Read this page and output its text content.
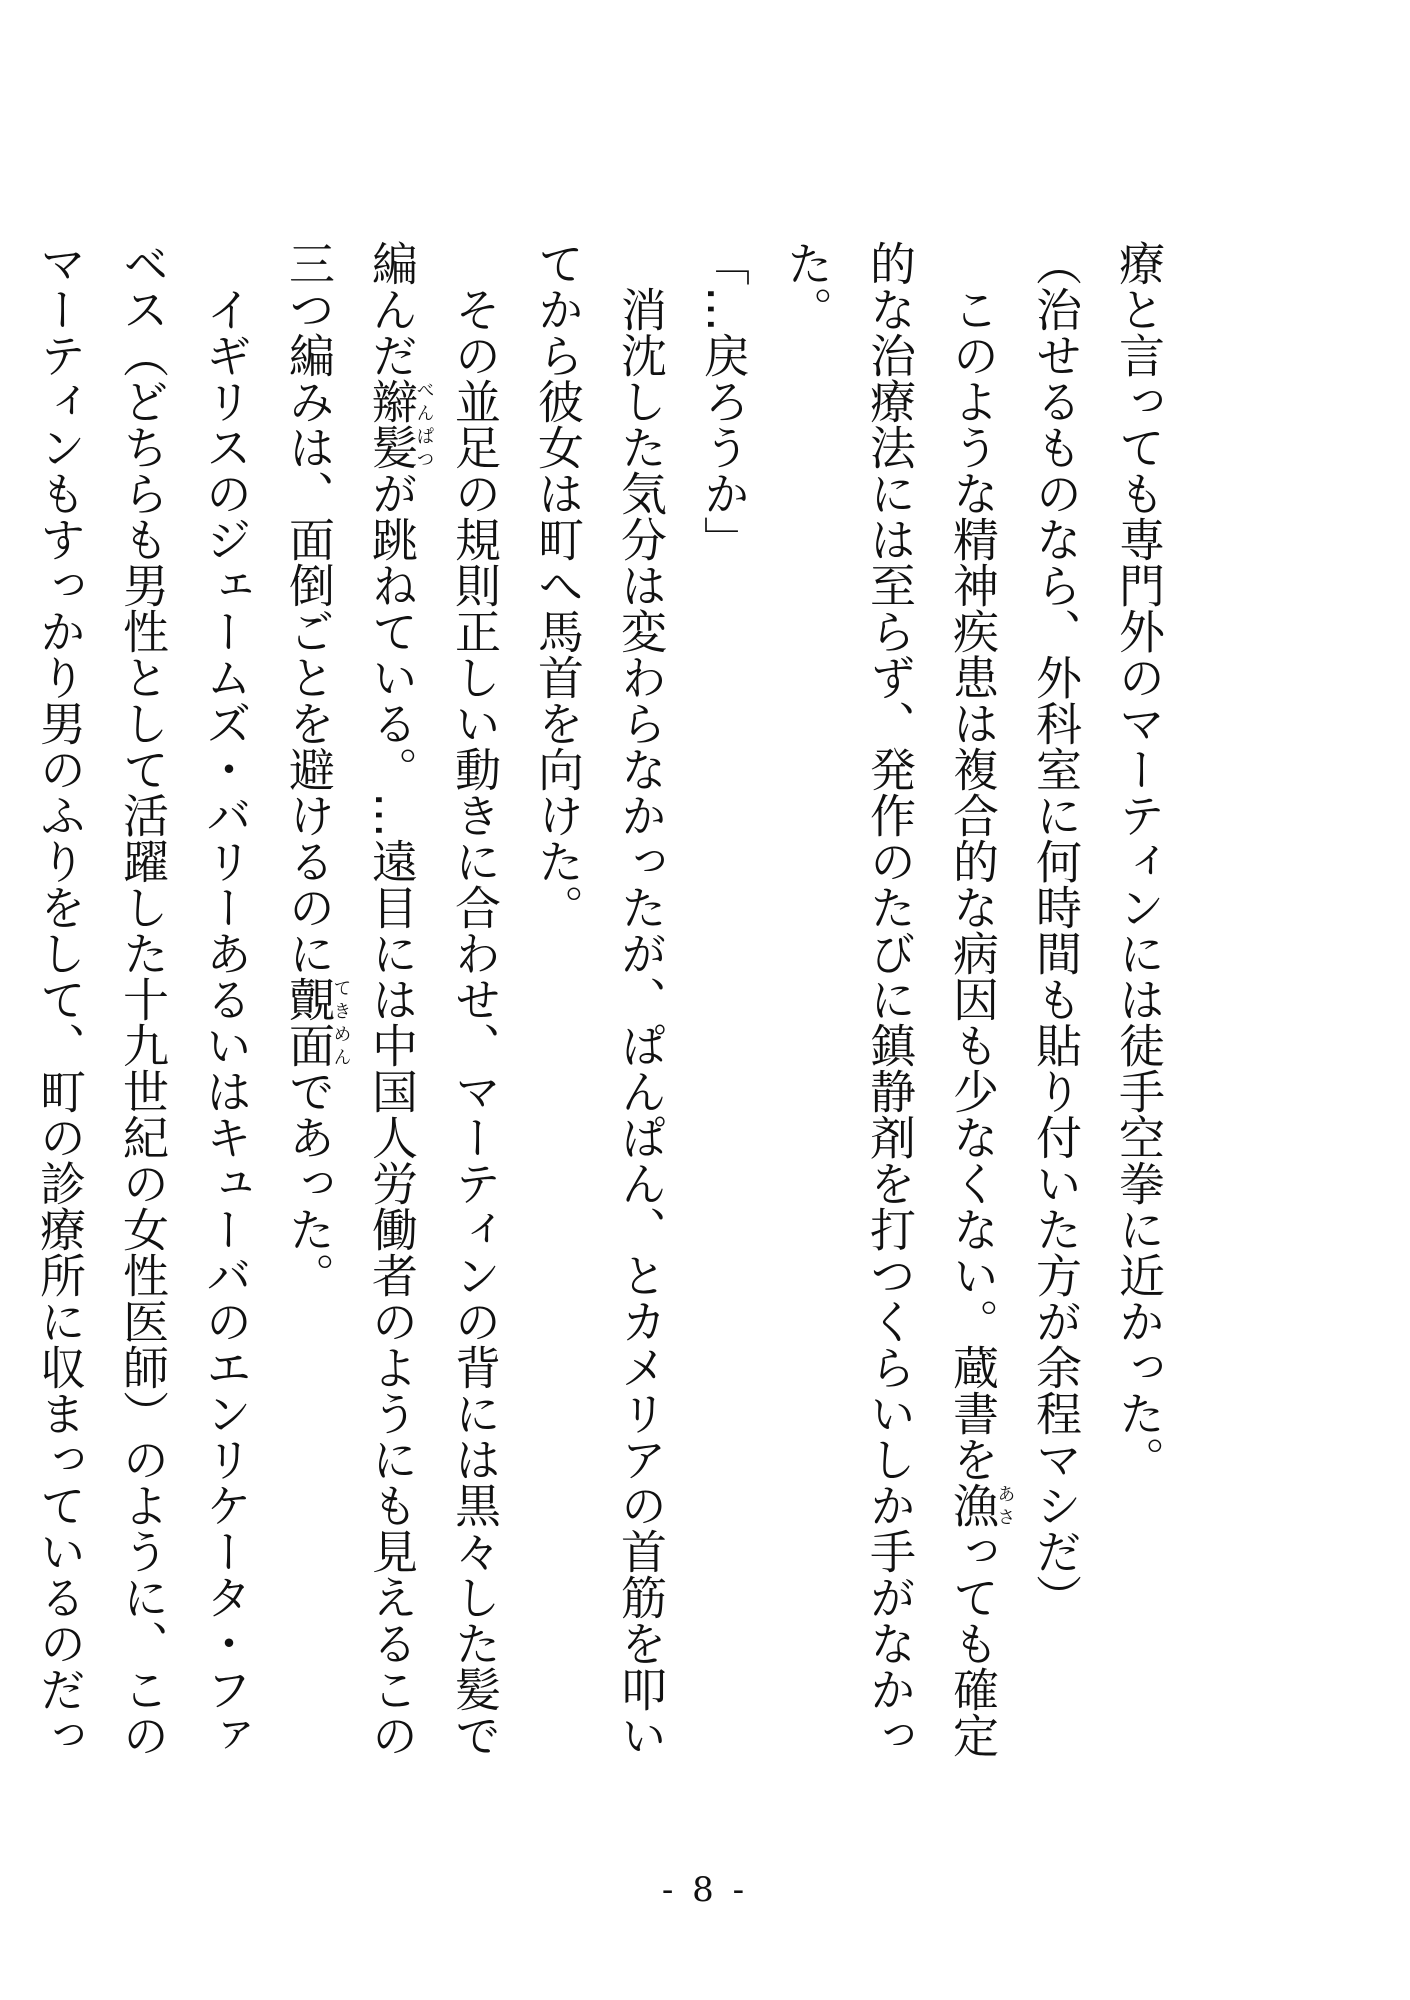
療と言っても専門外のマーティンには徒手空拳に近かった。
（治せるものなら、外科室に何時間も貼り付いた方が余程マシだ）
　このような精神疾患は複合的な病因も少なくない。蔵書を漁あさっても確定
的な治療法には至らず、発作のたびに鎮静剤を打つくらいしか手がなかっ
た。
「…戻ろうか」
　消沈した気分は変わらなかったが、ぱんぱん、とカメリアの首筋を叩い
てから彼女は町へ馬首を向けた。
　その並足の規則正しい動きに合わせ、マーティンの背には黒々した髪で
編んだ辮髪べんぱつが跳ねている。…遠目には中国人労働者のようにも見えるこの
三つ編みは、面倒ごとを避けるのに覿面てきめんであった。
　イギリスのジェームズ・バリーあるいはキューバのエンリケータ・ファ
ベス（どちらも男性として活躍した十九世紀の女性医師）のように、この
マーティンもすっかり男のふりをして、町の診療所に収まっているのだっ
- 8 -
